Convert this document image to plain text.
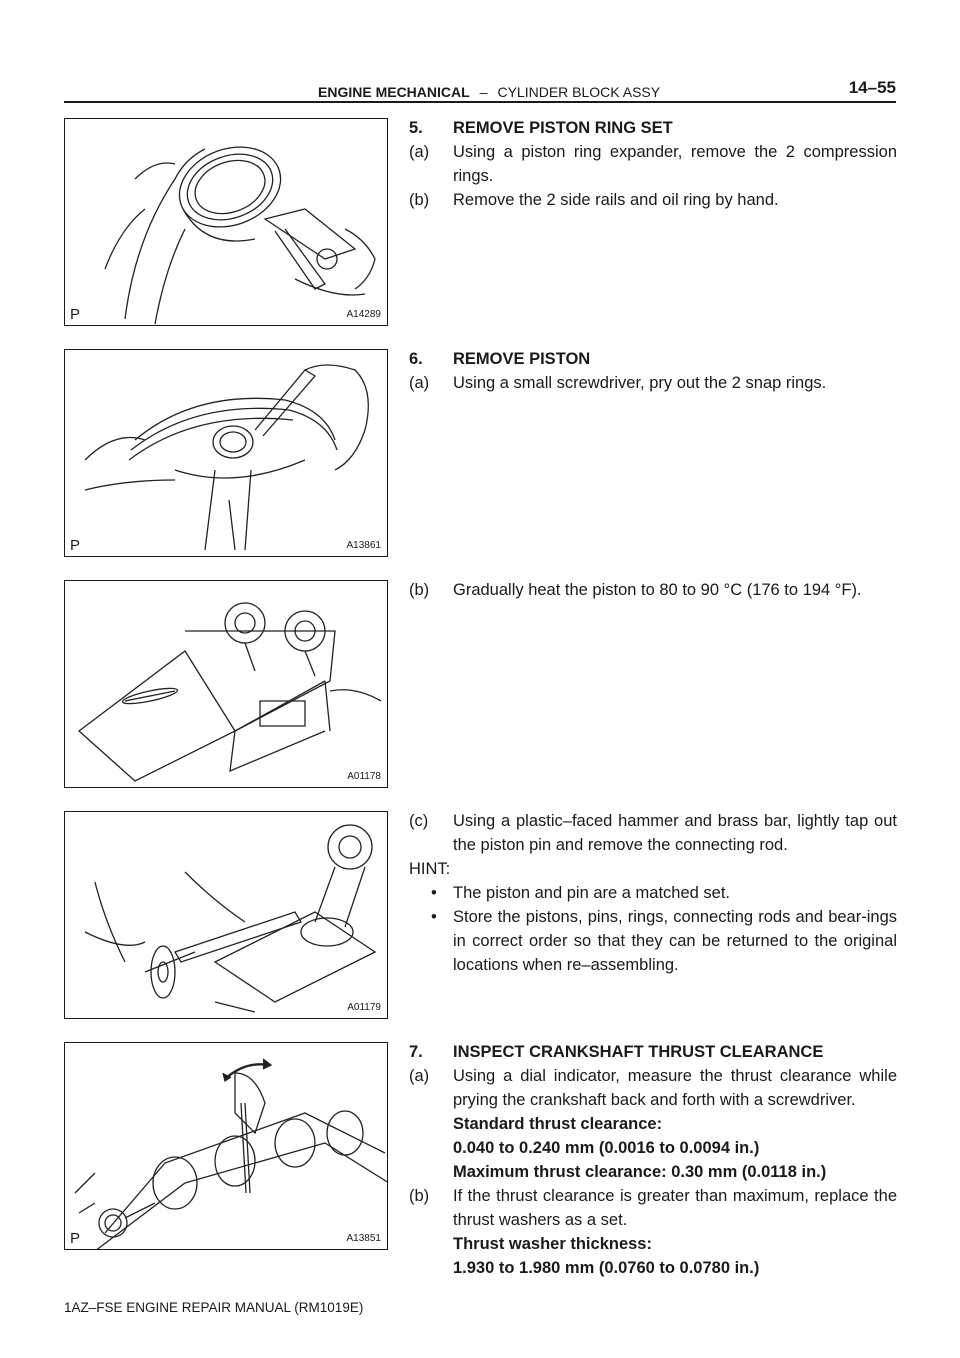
ENGINE MECHANICAL – CYLINDER BLOCK ASSY	14–55
P	A14289
P	A13861
A01178
A01179
P	A13851
5. REMOVE PISTON RING SET
(a) Using a piston ring expander, remove the 2 compression rings.
(b) Remove the 2 side rails and oil ring by hand.
6. REMOVE PISTON
(a) Using a small screwdriver, pry out the 2 snap rings.
(b) Gradually heat the piston to 80 to 90 °C (176 to 194 °F).
(c) Using a plastic–faced hammer and brass bar, lightly tap out the piston pin and remove the connecting rod.
HINT:
• The piston and pin are a matched set.
• Store the pistons, pins, rings, connecting rods and bear-ings in correct order so that they can be returned to the original locations when re–assembling.
7. INSPECT CRANKSHAFT THRUST CLEARANCE
(a) Using a dial indicator, measure the thrust clearance while prying the crankshaft back and forth with a screwdriver.
Standard thrust clearance:
0.040 to 0.240 mm (0.0016 to 0.0094 in.)
Maximum thrust clearance: 0.30 mm (0.0118 in.)
(b) If the thrust clearance is greater than maximum, replace the thrust washers as a set.
Thrust washer thickness:
1.930 to 1.980 mm (0.0760 to 0.0780 in.)
1AZ–FSE ENGINE REPAIR MANUAL (RM1019E)
